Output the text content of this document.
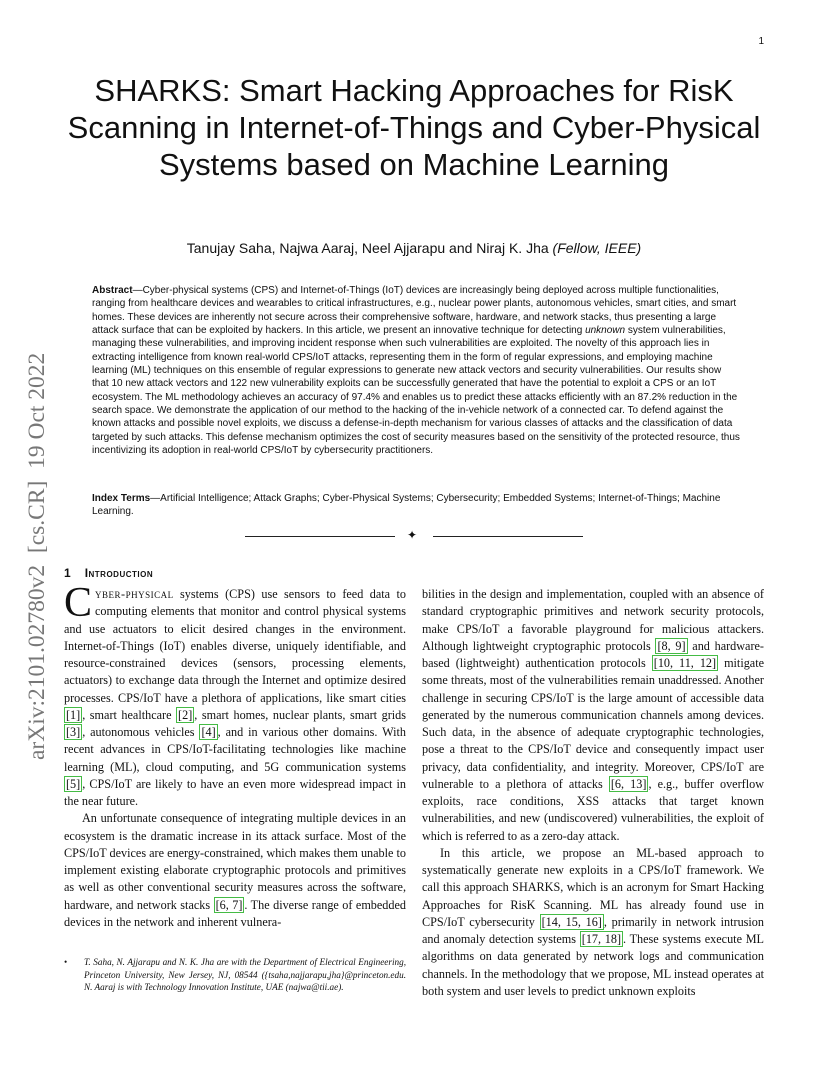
1
arXiv:2101.02780v2  [cs.CR]  19 Oct 2022
SHARKS: Smart Hacking Approaches for RisK Scanning in Internet-of-Things and Cyber-Physical Systems based on Machine Learning
Tanujay Saha, Najwa Aaraj, Neel Ajjarapu and Niraj K. Jha (Fellow, IEEE)

Abstract—Cyber-physical systems (CPS) and Internet-of-Things (IoT) devices are increasingly being deployed across multiple functionalities, ranging from healthcare devices and wearables to critical infrastructures, e.g., nuclear power plants, autonomous vehicles, smart cities, and smart homes. These devices are inherently not secure across their comprehensive software, hardware, and network stacks, thus presenting a large attack surface that can be exploited by hackers. In this article, we present an innovative technique for detecting unknown system vulnerabilities, managing these vulnerabilities, and improving incident response when such vulnerabilities are exploited. The novelty of this approach lies in extracting intelligence from known real-world CPS/IoT attacks, representing them in the form of regular expressions, and employing machine learning (ML) techniques on this ensemble of regular expressions to generate new attack vectors and security vulnerabilities. Our results show that 10 new attack vectors and 122 new vulnerability exploits can be successfully generated that have the potential to exploit a CPS or an IoT ecosystem. The ML methodology achieves an accuracy of 97.4% and enables us to predict these attacks efficiently with an 87.2% reduction in the search space. We demonstrate the application of our method to the hacking of the in-vehicle network of a connected car. To defend against the known attacks and possible novel exploits, we discuss a defense-in-depth mechanism for various classes of attacks and the classification of data targeted by such attacks. This defense mechanism optimizes the cost of security measures based on the sensitivity of the protected resource, thus incentivizing its adoption in real-world CPS/IoT by cybersecurity practitioners.

Index Terms—Artificial Intelligence; Attack Graphs; Cyber-Physical Systems; Cybersecurity; Embedded Systems; Internet-of-Things; Machine Learning.

✦
1 Introduction

Cyber-physical systems (CPS) use sensors to feed data to computing elements that monitor and control physical systems and use actuators to elicit desired changes in the environment. Internet-of-Things (IoT) enables diverse, uniquely identifiable, and resource-constrained devices (sensors, processing elements, actuators) to exchange data through the Internet and optimize desired processes. CPS/IoT have a plethora of applications, like smart cities [1] , smart healthcare [2] , smart homes, nuclear plants, smart grids [3] , autonomous vehicles [4] , and in various other domains. With recent advances in CPS/IoT-facilitating technologies like machine learning (ML), cloud computing, and 5G communication systems [5] , CPS/IoT are likely to have an even more widespread impact in the near future.

An unfortunate consequence of integrating multiple devices in an ecosystem is the dramatic increase in its attack surface. Most of the CPS/IoT devices are energy-constrained, which makes them unable to implement existing elaborate cryptographic protocols and primitives as well as other conventional security measures across the software, hardware, and network stacks [6, 7] . The diverse range of embedded devices in the network and inherent vulnera-

bilities in the design and implementation, coupled with an absence of standard cryptographic primitives and network security protocols, make CPS/IoT a favorable playground for malicious attackers. Although lightweight cryptographic protocols [8, 9] and hardware-based (lightweight) authentication protocols [10, 11, 12] mitigate some threats, most of the vulnerabilities remain unaddressed. Another challenge in securing CPS/IoT is the large amount of accessible data generated by the numerous communication channels among devices. Such data, in the absence of adequate cryptographic technologies, pose a threat to the CPS/IoT device and consequently impact user privacy, data confidentiality, and integrity. Moreover, CPS/IoT are vulnerable to a plethora of attacks [6, 13] , e.g., buffer overflow exploits, race conditions, XSS attacks that target known vulnerabilities, and new (undiscovered) vulnerabilities, the exploit of which is referred to as a zero-day attack.

In this article, we propose an ML-based approach to systematically generate new exploits in a CPS/IoT framework. We call this approach SHARKS, which is an acronym for Smart Hacking Approaches for RisK Scanning. ML has already found use in CPS/IoT cybersecurity [14, 15, 16] , primarily in network intrusion and anomaly detection systems [17, 18] . These systems execute ML algorithms on data generated by network logs and communication channels. In the methodology that we propose, ML instead operates at both system and user levels to predict unknown exploits

• T. Saha, N. Ajjarapu and N. K. Jha are with the Department of Electrical Engineering, Princeton University, New Jersey, NJ, 08544 ({tsaha,najjarapu,jha}@princeton.edu. N. Aaraj is with Technology Innovation Institute, UAE (najwa@tii.ae).
